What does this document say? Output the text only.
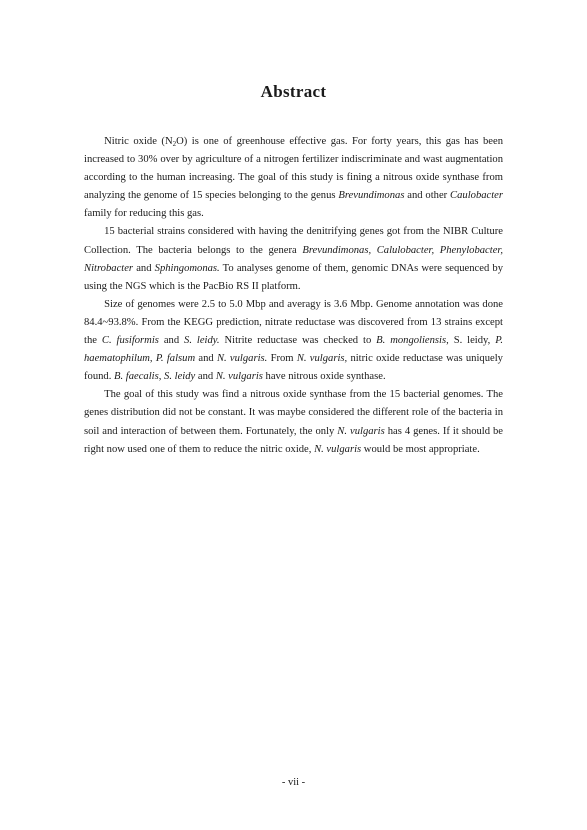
Abstract

Nitric oxide $(N_2O)$ is one of greenhouse effective gas. For forty years, this gas has been increased to 30% over by agriculture of a nitrogen fertilizer indiscriminate and wast augmentation according to the human increasing. The goal of this study is fining a nitrous oxide synthase from analyzing the genome of 15 species belonging to the genus Brevundimonas and other Caulobacter family for reducing this gas.

15 bacterial strains considered with having the denitrifying genes got from the NIBR Culture Collection. The bacteria belongs to the genera Brevundimonas, Calulobacter, Phenylobacter, Nitrobacter and Sphingomonas. To analyses genome of them, genomic DNAs were sequenced by using the NGS which is the PacBio RS II platform.

Size of genomes were 2.5 to 5.0 Mbp and averagy is 3.6 Mbp. Genome annotation was done 84.4~93.8%. From the KEGG prediction, nitrate reductase was discovered from 13 strains except the C. fusiformis and S. leidy. Nitrite reductase was checked to B. mongoliensis, S. leidy, P. haematophilum, P. falsum and N. vulgaris. From N. vulgaris, nitric oxide reductase was uniquely found. B. faecalis, S. leidy and N. vulgaris have nitrous oxide synthase.

The goal of this study was find a nitrous oxide synthase from the 15 bacterial genomes. The genes distribution did not be constant. It was maybe considered the different role of the bacteria in soil and interaction of between them. Fortunately, the only N. vulgaris has 4 genes. If it should be right now used one of them to reduce the nitric oxide, N. vulgaris would be most appropriate.

- vii -
